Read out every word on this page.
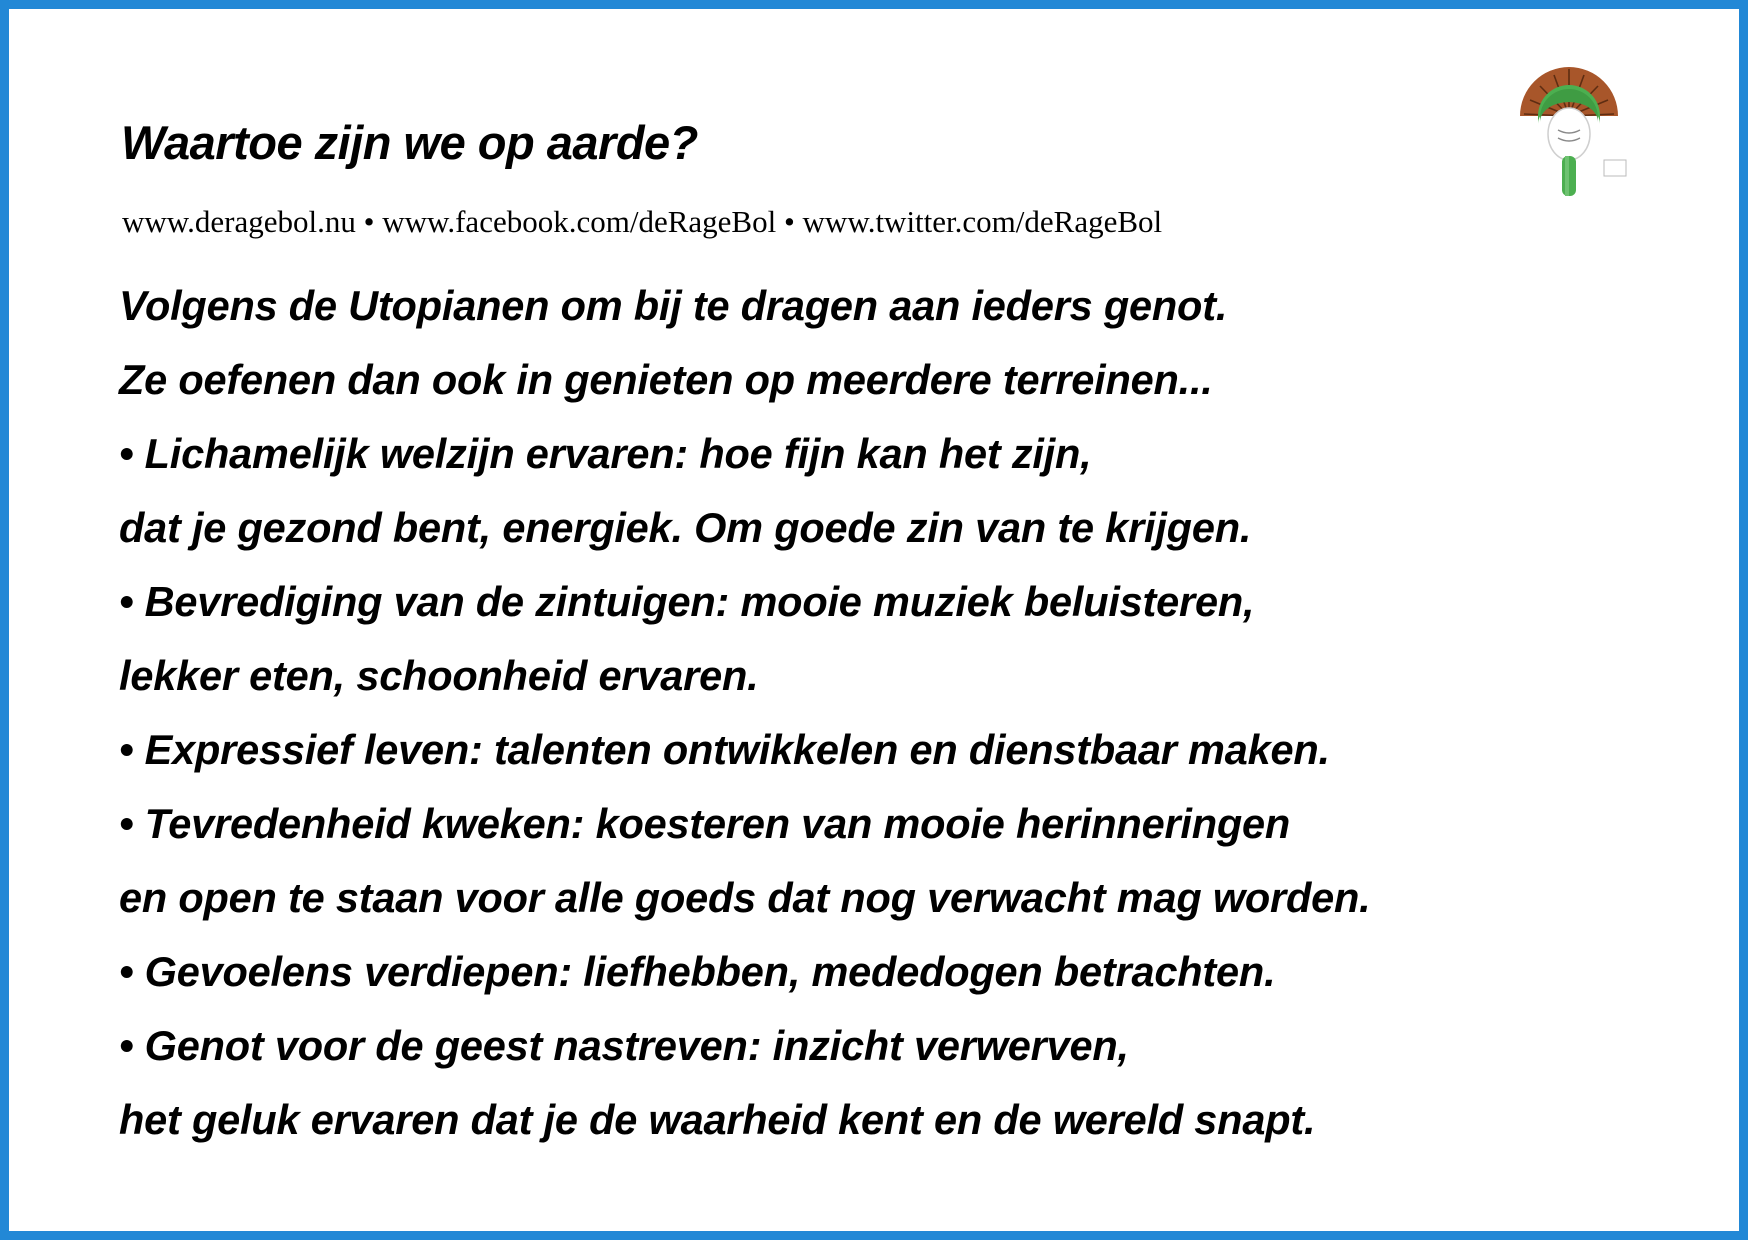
Waartoe zijn we op aarde?
www.deragebol.nu • www.facebook.com/deRageBol • www.twitter.com/deRageBol
Volgens de Utopianen om bij te dragen aan ieders genot.
Ze oefenen dan ook in genieten op meerdere terreinen...
• Lichamelijk welzijn ervaren: hoe fijn kan het zijn,
dat je gezond bent, energiek. Om goede zin van te krijgen.
• Bevrediging van de zintuigen: mooie muziek beluisteren,
lekker eten, schoonheid ervaren.
• Expressief leven: talenten ontwikkelen en dienstbaar maken.
• Tevredenheid kweken: koesteren van mooie herinneringen
en open te staan voor alle goeds dat nog verwacht mag worden.
• Gevoelens verdiepen: liefhebben, mededogen betrachten.
• Genot voor de geest nastreven: inzicht verwerven,
het geluk ervaren dat je de waarheid kent en de wereld snapt.
